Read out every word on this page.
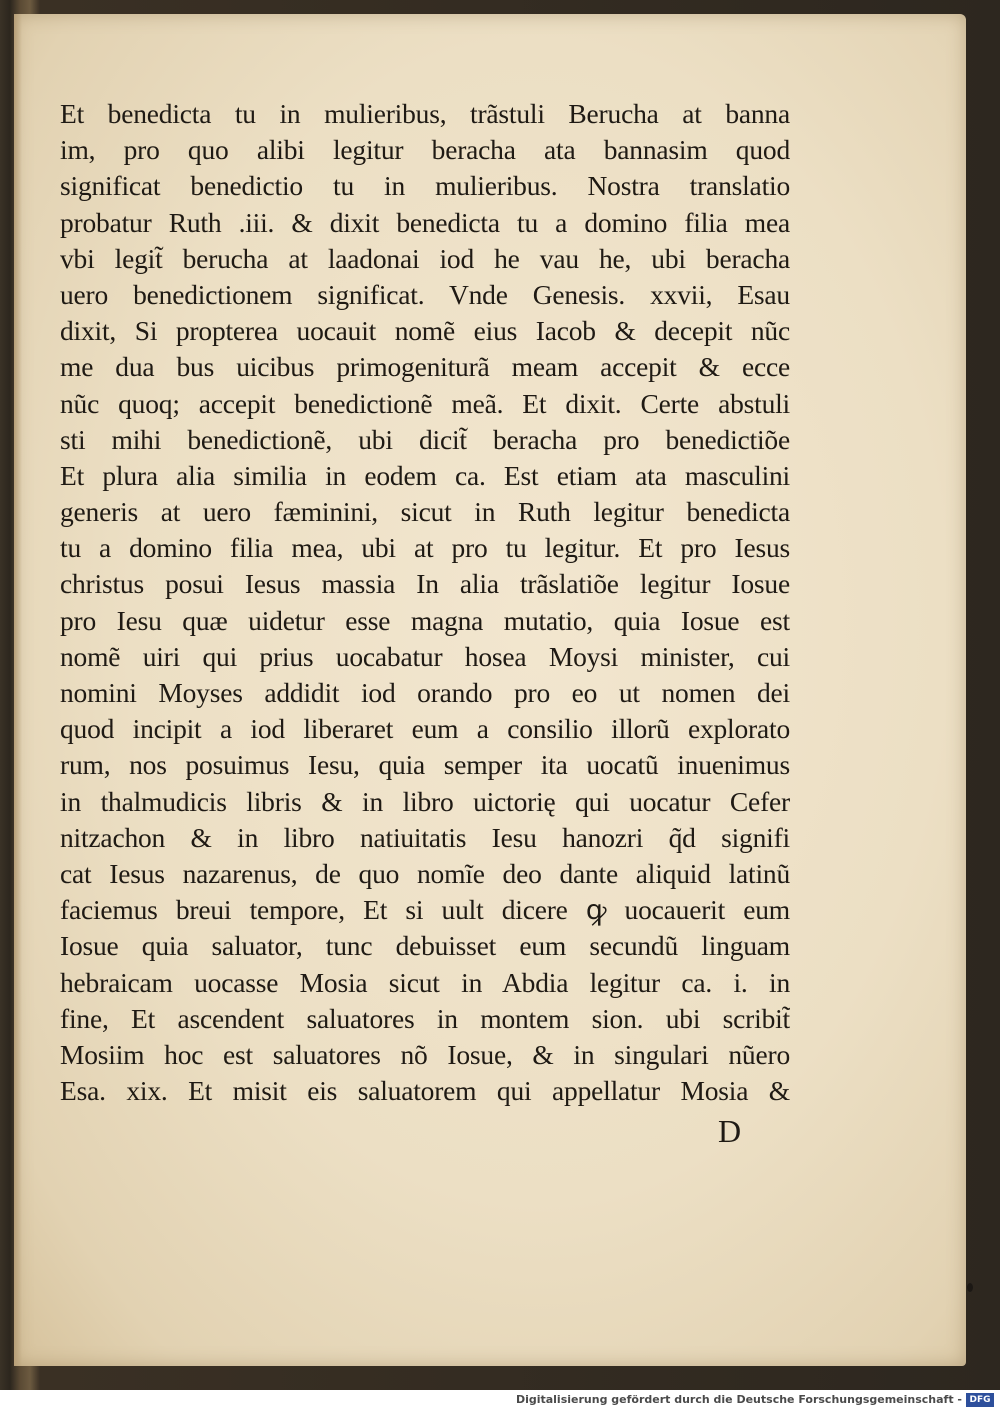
Et benedicta tu in mulieribus, trãstuli Berucha at banna
im, pro quo alibi legitur beracha ata bannasim quod
significat benedictio tu in mulieribus. Nostra translatio
probatur Ruth .iii. & dixit benedicta tu a domino filia mea
vbi legit̃ berucha at laadonai iod he vau he, ubi beracha
uero benedictionem significat. Vnde Genesis. xxvii, Esau
dixit, Si propterea uocauit nomẽ eius Iacob & decepit nũc
me dua bus uicibus primogeniturã meam accepit & ecce
nũc quoq; accepit benedictionẽ meã. Et dixit. Certe abstuli
sti mihi benedictionẽ, ubi dicit̃ beracha pro benedictiõe
Et plura alia similia in eodem ca. Est etiam ata masculini
generis at uero fæminini, sicut in Ruth legitur benedicta
tu a domino filia mea, ubi at pro tu legitur. Et pro Iesus
christus posui Iesus massia In alia trãslatiõe legitur Iosue
pro Iesu quæ uidetur esse magna mutatio, quia Iosue est
nomẽ uiri qui prius uocabatur hosea Moysi minister, cui
nomini Moyses addidit iod orando pro eo ut nomen dei
quod incipit a iod liberaret eum a consilio illorũ explorato
rum, nos posuimus Iesu, quia semper ita uocatũ inuenimus
in thalmudicis libris & in libro uictorię qui uocatur Cefer
nitzachon & in libro natiuitatis Iesu hanozri q̃d signifi
cat Iesus nazarenus, de quo nomĩe deo dante aliquid latinũ
faciemus breui tempore, Et si uult dicere ꝙ uocauerit eum
Iosue quia saluator, tunc debuisset eum secundũ linguam
hebraicam uocasse Mosia sicut in Abdia legitur ca. i. in
fine, Et ascendent saluatores in montem sion. ubi scribit̃
Mosiim hoc est saluatores nõ Iosue, & in singulari nũero
Esa. xix. Et misit eis saluatorem qui appellatur Mosia &
D
Digitalisierung gefördert durch die Deutsche Forschungsgemeinschaft - DFG
